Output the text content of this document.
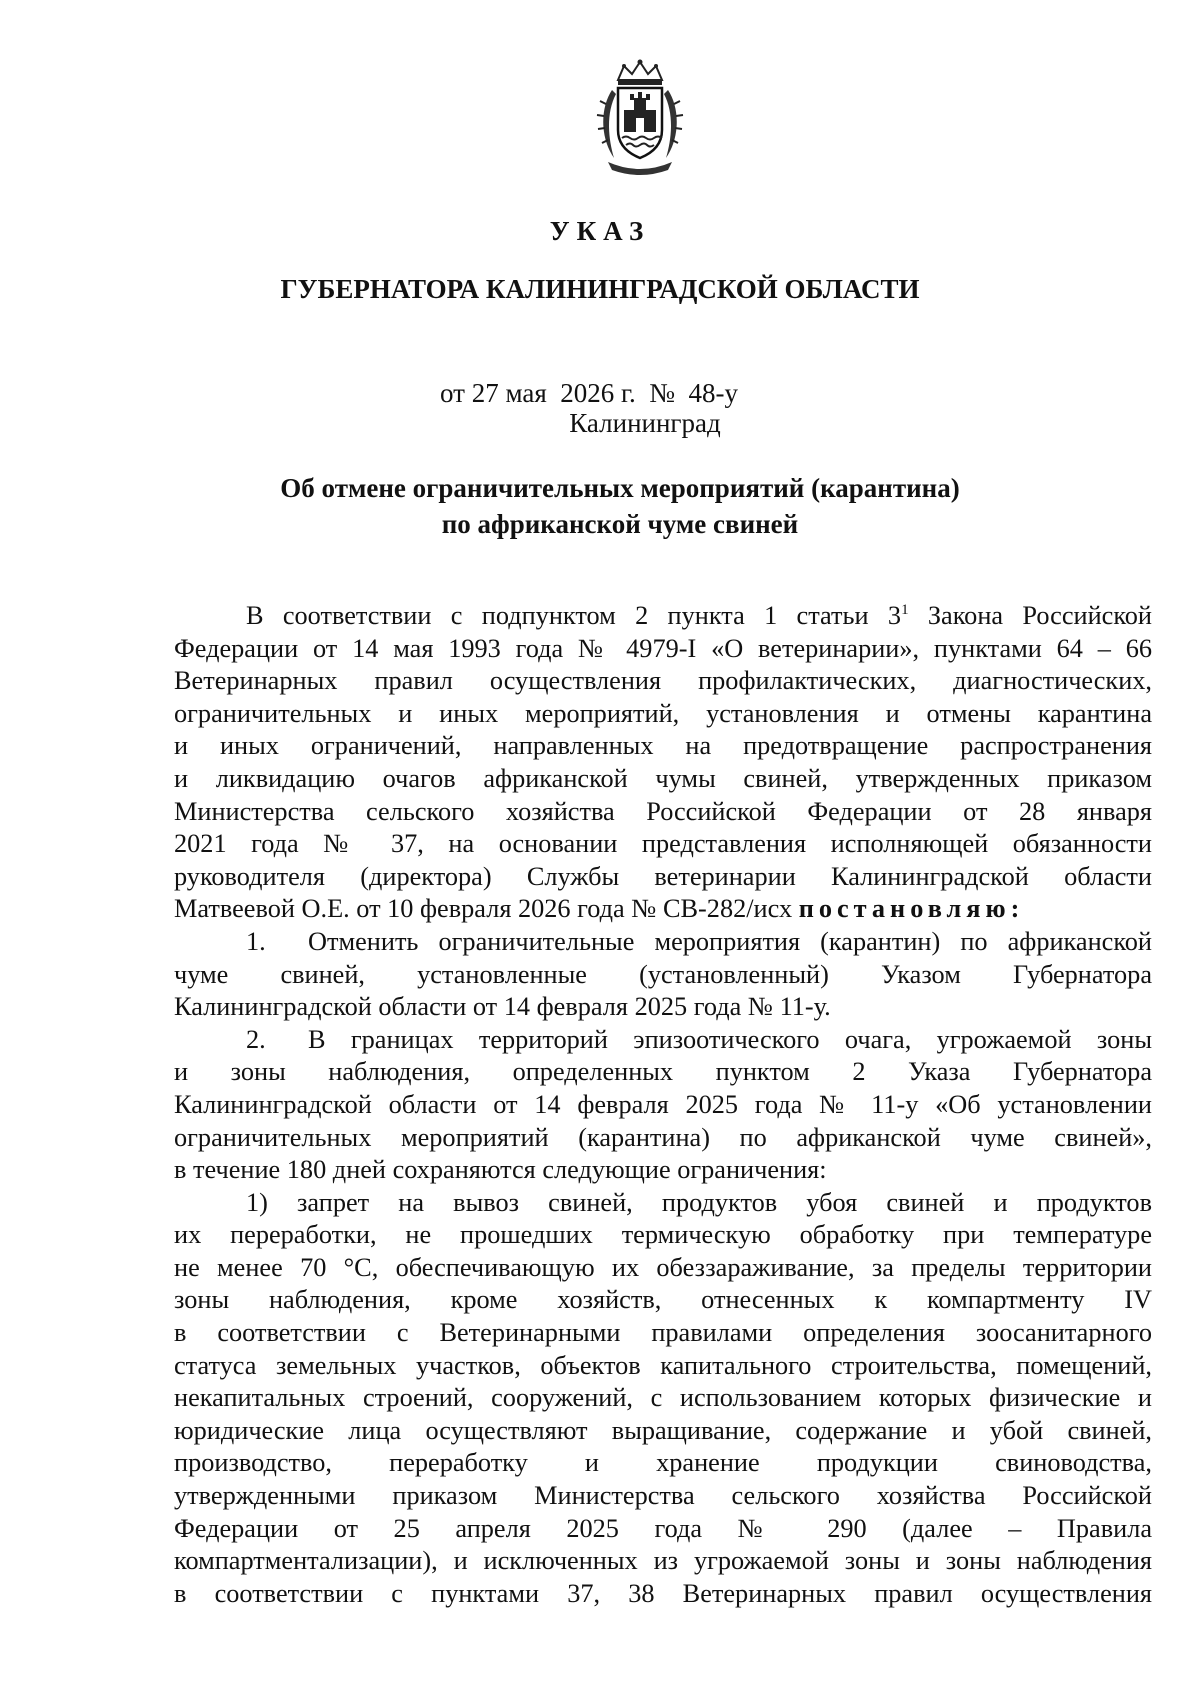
УКАЗ
ГУБЕРНАТОРА КАЛИНИНГРАДСКОЙ ОБЛАСТИ
от 27 мая  2026 г.  №  48-у
Калининград
Об отмене ограничительных мероприятий (карантина)
по африканской чуме свиней
В соответствии с подпунктом 2 пункта 1 статьи $3^1$ Закона Российской
Федерации от 14 мая 1993 года № 4979-I «О ветеринарии», пунктами 64 – 66
Ветеринарных правил осуществления профилактических, диагностических,
ограничительных и иных мероприятий, установления и отмены карантина
и иных ограничений, направленных на предотвращение распространения
и ликвидацию очагов африканской чумы свиней, утвержденных приказом
Министерства сельского хозяйства Российской Федерации от 28 января
2021 года № 37, на основании представления исполняющей обязанности
руководителя (директора) Службы ветеринарии Калининградской области
Матвеевой О.Е. от 10 февраля 2026 года № СВ-282/исх постановляю:
1. Отменить ограничительные мероприятия (карантин) по африканской
чуме свиней, установленные (установленный) Указом Губернатора
Калининградской области от 14 февраля 2025 года № 11-у.
2. В границах территорий эпизоотического очага, угрожаемой зоны
и зоны наблюдения, определенных пунктом 2 Указа Губернатора
Калининградской области от 14 февраля 2025 года № 11-у «Об установлении
ограничительных мероприятий (карантина) по африканской чуме свиней»,
в течение 180 дней сохраняются следующие ограничения:
1) запрет на вывоз свиней, продуктов убоя свиней и продуктов
их переработки, не прошедших термическую обработку при температуре
не менее 70 °С, обеспечивающую их обеззараживание, за пределы территории
зоны наблюдения, кроме хозяйств, отнесенных к компартменту IV
в соответствии с Ветеринарными правилами определения зоосанитарного
статуса земельных участков, объектов капитального строительства, помещений,
некапитальных строений, сооружений, с использованием которых физические и
юридические лица осуществляют выращивание, содержание и убой свиней,
производство, переработку и хранение продукции свиноводства,
утвержденными приказом Министерства сельского хозяйства Российской
Федерации от 25 апреля 2025 года № 290 (далее – Правила
компартментализации), и исключенных из угрожаемой зоны и зоны наблюдения
в соответствии с пунктами 37, 38 Ветеринарных правил осуществления
